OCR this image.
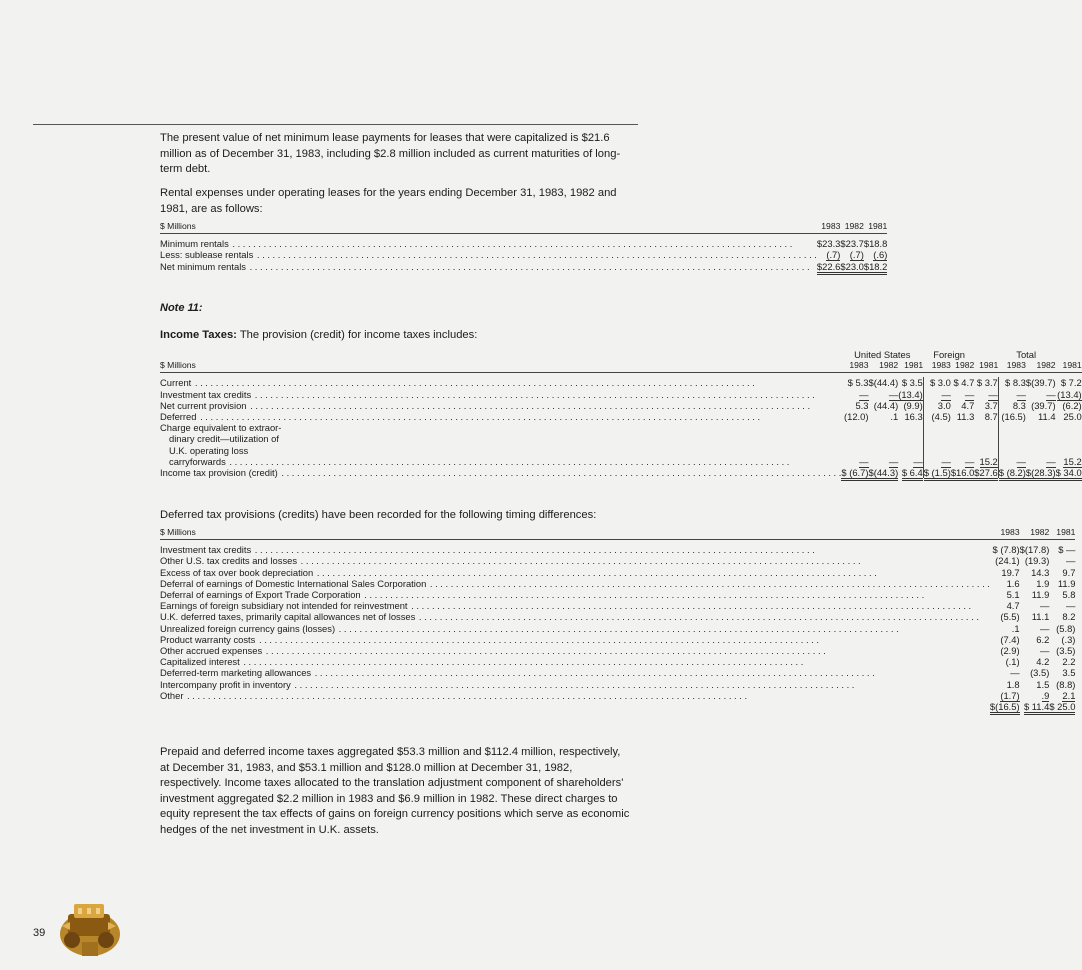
The present value of net minimum lease payments for leases that were capitalized is $21.6 million as of December 31, 1983, including $2.8 million included as current maturities of long-term debt.

Rental expenses under operating leases for the years ending December 31, 1983, 1982 and 1981, are as follows:

$ Millions	1983	1982	1981

Minimum rentals . . .	$23.3	$23.7	$18.8
Less: sublease rentals . . .	(.7)	(.7)	(.6)
Net minimum rentals . . .	$22.6	$23.0	$18.2
Note 11:

Income Taxes: The provision (credit) for income taxes includes:

	United States			Foreign			Total		
$ Millions	1983	1982	1981	1983	1982	1981	1983	1982	1981

Current . . .	$ 5.3	$(44.4)	$ 3.5	$ 3.0	$ 4.7	$ 3.7	$ 8.3	$(39.7)	$ 7.2
Investment tax credits . . .	—	—	(13.4)	—	—	—	—	—	(13.4)
Net current provision . . .	5.3	(44.4)	(9.9)	3.0	4.7	3.7	8.3	(39.7)	(6.2)
Deferred . . .	(12.0)	.1	16.3	(4.5)	11.3	8.7	(16.5)	11.4	25.0
Charge equivalent to extraor-									
dinary credit—utilization of									
U.K. operating loss									
carryforwards . . .	—	—	—	—	—	15.2	—	—	15.2
Income tax provision (credit) . . .	$ (6.7)	$(44.3)	$ 6.4	$ (1.5)	$16.0	$27.6	$ (8.2)	$(28.3)	$ 34.0

Deferred tax provisions (credits) have been recorded for the following timing differences:

$ Millions	1983	1982	1981

Investment tax credits . . .	$ (7.8)	$(17.8)	$ —
Other U.S. tax credits and losses . . .	(24.1)	(19.3)	—
Excess of tax over book depreciation . . .	19.7	14.3	9.7
Deferral of earnings of Domestic International Sales Corporation . . .	1.6	1.9	11.9
Deferral of earnings of Export Trade Corporation . . .	5.1	11.9	5.8
Earnings of foreign subsidiary not intended for reinvestment . . .	4.7	—	—
U.K. deferred taxes, primarily capital allowances net of losses . . .	(5.5)	11.1	8.2
Unrealized foreign currency gains (losses) . . .	.1	—	(5.8)
Product warranty costs . . .	(7.4)	6.2	(.3)
Other accrued expenses . . .	(2.9)	—	(3.5)
Capitalized interest . . .	(.1)	4.2	2.2
Deferred-term marketing allowances . . .	—	(3.5)	3.5
Intercompany profit in inventory . . .	1.8	1.5	(8.8)
Other . . .	(1.7)	.9	2.1
	$(16.5)	$ 11.4	$ 25.0

Prepaid and deferred income taxes aggregated $53.3 million and $112.4 million, respectively, at December 31, 1983, and $53.1 million and $128.0 million at December 31, 1982, respectively. Income taxes allocated to the translation adjustment component of shareholders' investment aggregated $2.2 million in 1983 and $6.9 million in 1982. These direct charges to equity represent the tax effects of gains on foreign currency positions which serve as economic hedges of the net investment in U.K. assets.

39
